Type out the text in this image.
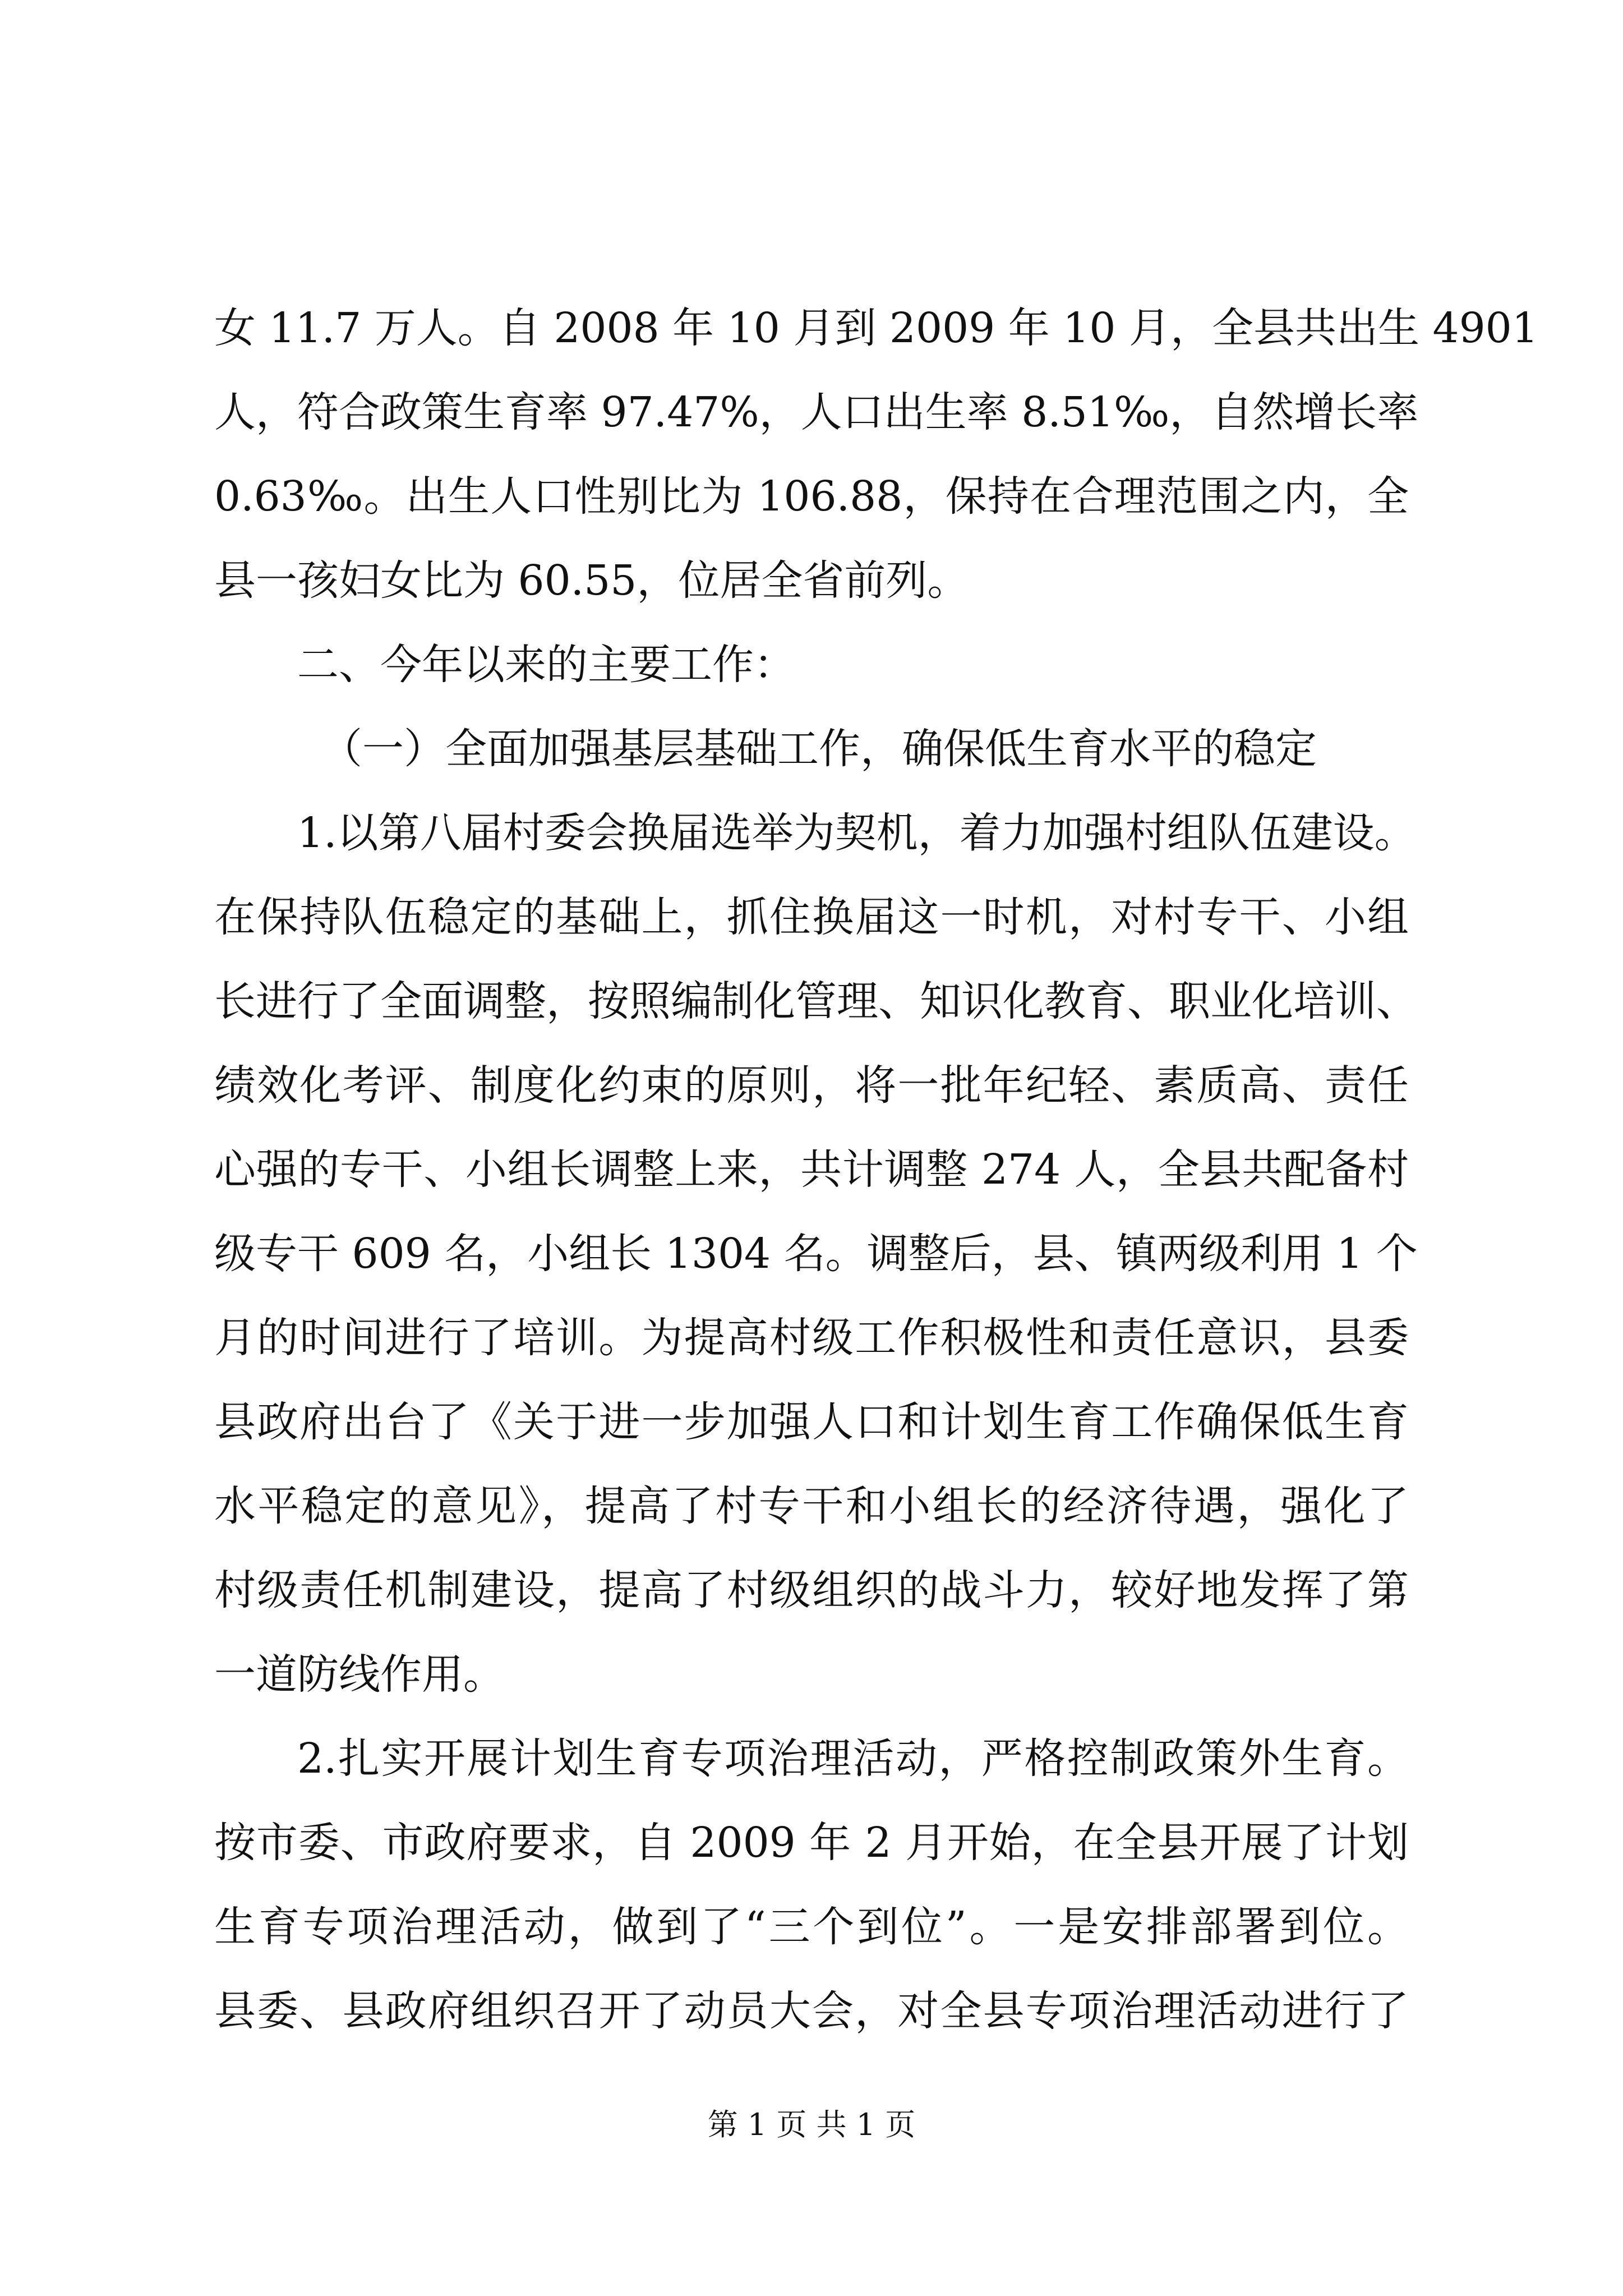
女 11.7 万人。自 2008 年 10 月到 2009 年 10 月，全县共出生 4901
人，符合政策生育率 97.47%，人口出生率 8.51‰，自然增长率
0.63‰。出生人口性别比为 106.88，保持在合理范围之内，全
县一孩妇女比为 60.55，位居全省前列。
二、今年以来的主要工作：
（一）全面加强基层基础工作，确保低生育水平的稳定
1.以第八届村委会换届选举为契机，着力加强村组队伍建设。
在保持队伍稳定的基础上，抓住换届这一时机，对村专干、小组
长进行了全面调整，按照编制化管理、知识化教育、职业化培训、
绩效化考评、制度化约束的原则，将一批年纪轻、素质高、责任
心强的专干、小组长调整上来，共计调整 274 人，全县共配备村
级专干 609 名，小组长 1304 名。调整后，县、镇两级利用 1 个
月的时间进行了培训。为提高村级工作积极性和责任意识，县委
县政府出台了《关于进一步加强人口和计划生育工作确保低生育
水平稳定的意见》，提高了村专干和小组长的经济待遇，强化了
村级责任机制建设，提高了村级组织的战斗力，较好地发挥了第
一道防线作用。
2.扎实开展计划生育专项治理活动，严格控制政策外生育。
按市委、市政府要求，自 2009 年 2 月开始，在全县开展了计划
生育专项治理活动，做到了“三个到位”。一是安排部署到位。
县委、县政府组织召开了动员大会，对全县专项治理活动进行了
第 1 页 共 1 页
